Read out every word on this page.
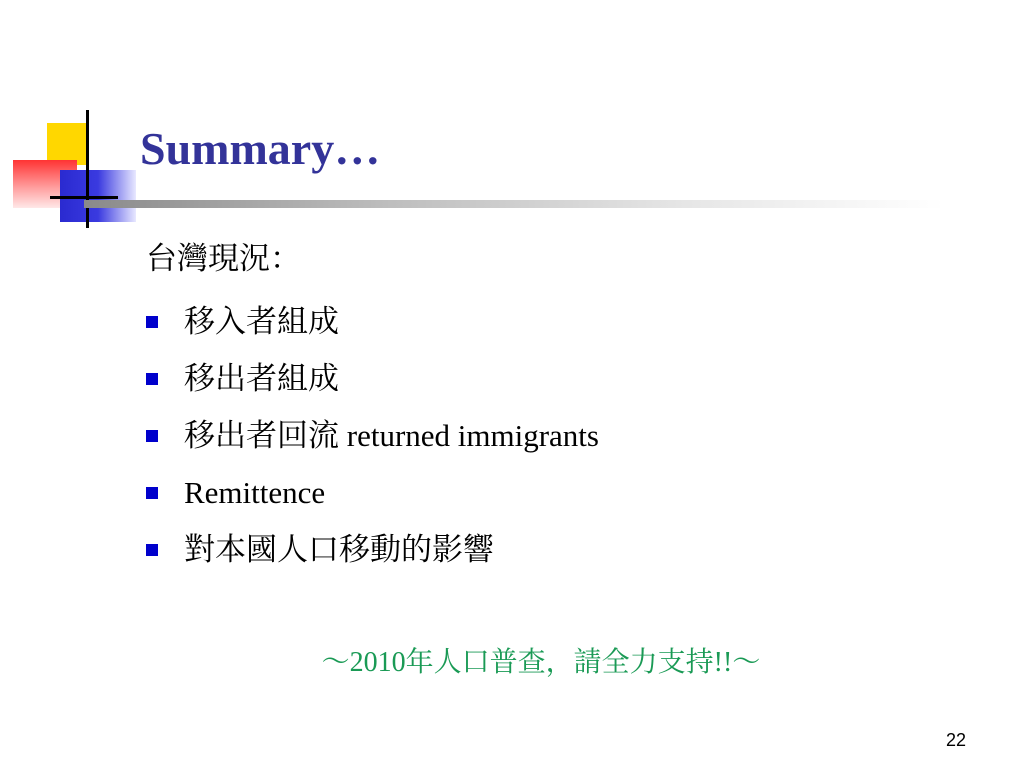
Summary…
台灣現況：
移入者組成
移出者組成
移出者回流 returned immigrants
Remittence
對本國人口移動的影響
～2010年人口普查，請全力支持!!～
22
